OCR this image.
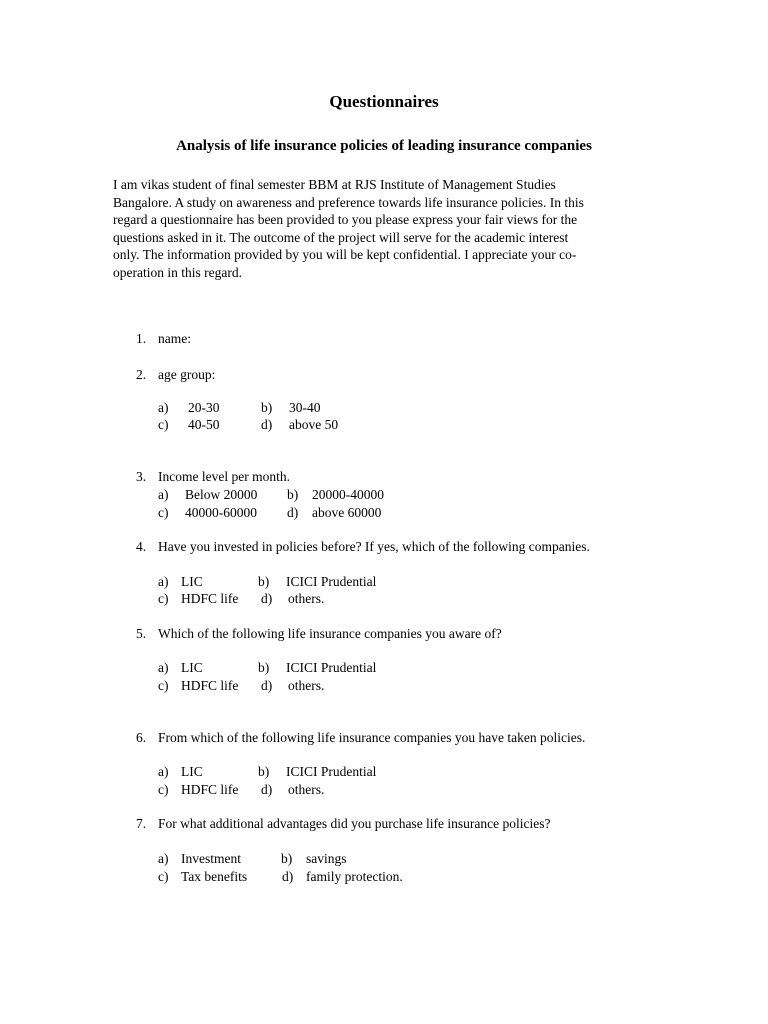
Questionnaires
Analysis of life insurance policies of leading insurance companies
I am vikas student of final semester BBM at RJS Institute of Management Studies
Bangalore. A study on awareness and preference towards life insurance policies. In this
regard a questionnaire has been provided to you please express your fair views for the
questions asked in it. The outcome of the project will serve for the academic interest
only. The information provided by you will be kept confidential. I appreciate your co-
operation in this regard.
1. name:
2. age group:
a) 20-30	b) 30-40
c) 40-50	d) above 50
3. Income level per month.
a) Below 20000 b) 20000-40000
c) 40000-60000 d) above 60000
4. Have you invested in policies before? If yes, which of the following companies.
a) LIC	b) ICICI Prudential
c) HDFC life d) others.
5. Which of the following life insurance companies you aware of?
a) LIC	b) ICICI Prudential
c) HDFC life d) others.
6. From which of the following life insurance companies you have taken policies.
a) LIC	b) ICICI Prudential
c) HDFC life d) others.
7. For what additional advantages did you purchase life insurance policies?
a) Investment	b) savings
c) Tax benefits	d) family protection.
